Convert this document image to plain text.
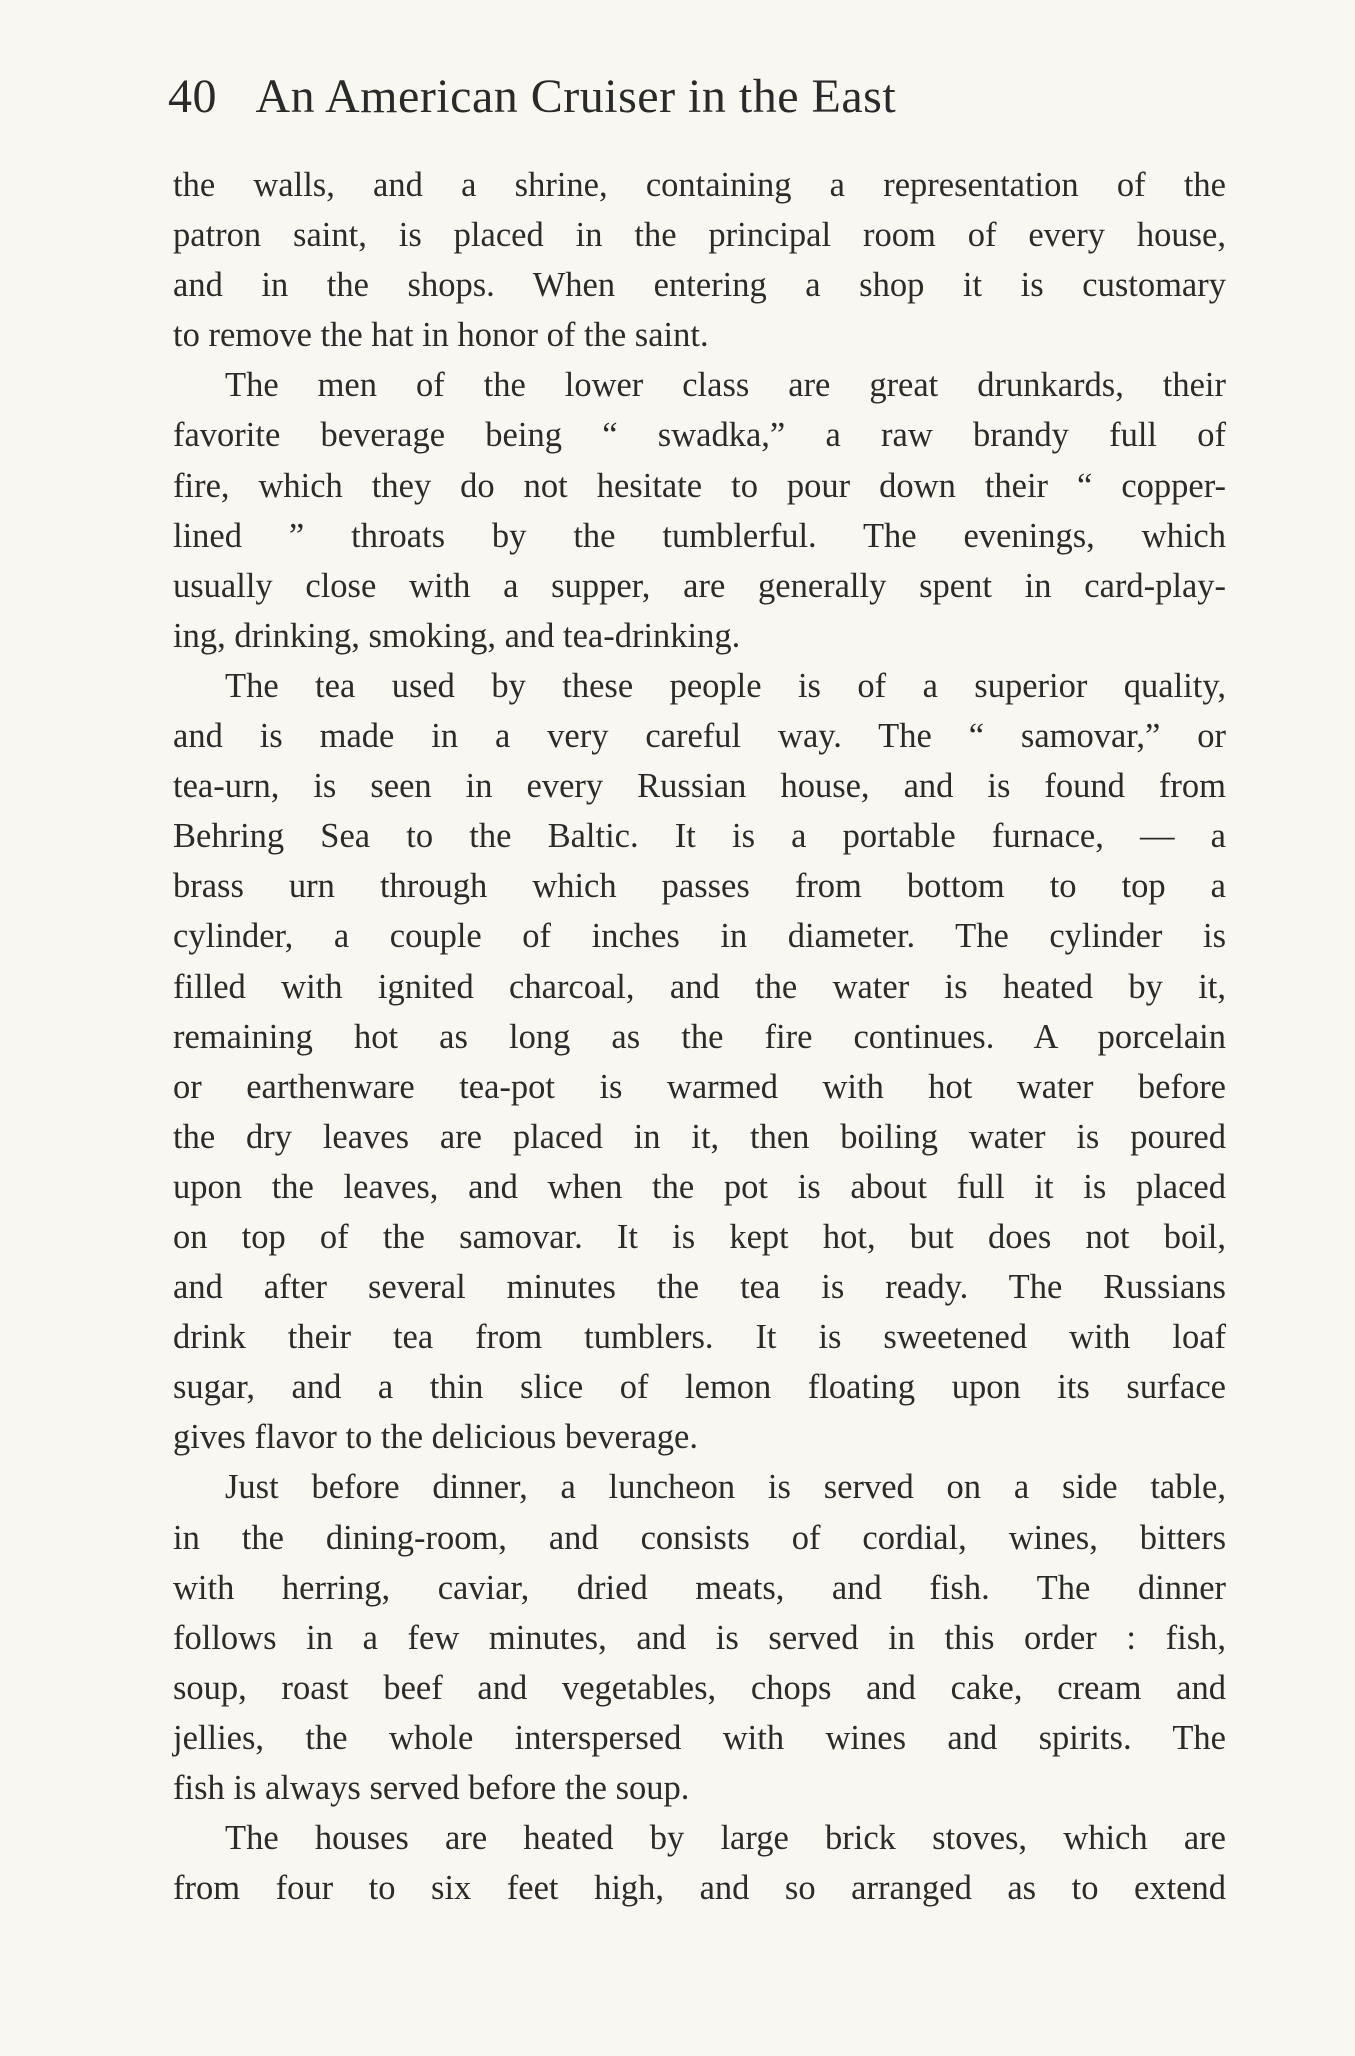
40 An American Cruiser in the East
the walls, and a shrine, containing a representation of the
patron saint, is placed in the principal room of every house,
and in the shops. When entering a shop it is customary
to remove the hat in honor of the saint.
The men of the lower class are great drunkards, their
favorite beverage being “ swadka,” a raw brandy full of
fire, which they do not hesitate to pour down their “ copper-
lined ” throats by the tumblerful. The evenings, which
usually close with a supper, are generally spent in card-play-
ing, drinking, smoking, and tea-drinking.
The tea used by these people is of a superior quality,
and is made in a very careful way. The “ samovar,” or
tea-urn, is seen in every Russian house, and is found from
Behring Sea to the Baltic. It is a portable furnace, — a
brass urn through which passes from bottom to top a
cylinder, a couple of inches in diameter. The cylinder is
filled with ignited charcoal, and the water is heated by it,
remaining hot as long as the fire continues. A porcelain
or earthenware tea-pot is warmed with hot water before
the dry leaves are placed in it, then boiling water is poured
upon the leaves, and when the pot is about full it is placed
on top of the samovar. It is kept hot, but does not boil,
and after several minutes the tea is ready. The Russians
drink their tea from tumblers. It is sweetened with loaf
sugar, and a thin slice of lemon floating upon its surface
gives flavor to the delicious beverage.
Just before dinner, a luncheon is served on a side table,
in the dining-room, and consists of cordial, wines, bitters
with herring, caviar, dried meats, and fish. The dinner
follows in a few minutes, and is served in this order : fish,
soup, roast beef and vegetables, chops and cake, cream and
jellies, the whole interspersed with wines and spirits. The
fish is always served before the soup.
The houses are heated by large brick stoves, which are
from four to six feet high, and so arranged as to extend
